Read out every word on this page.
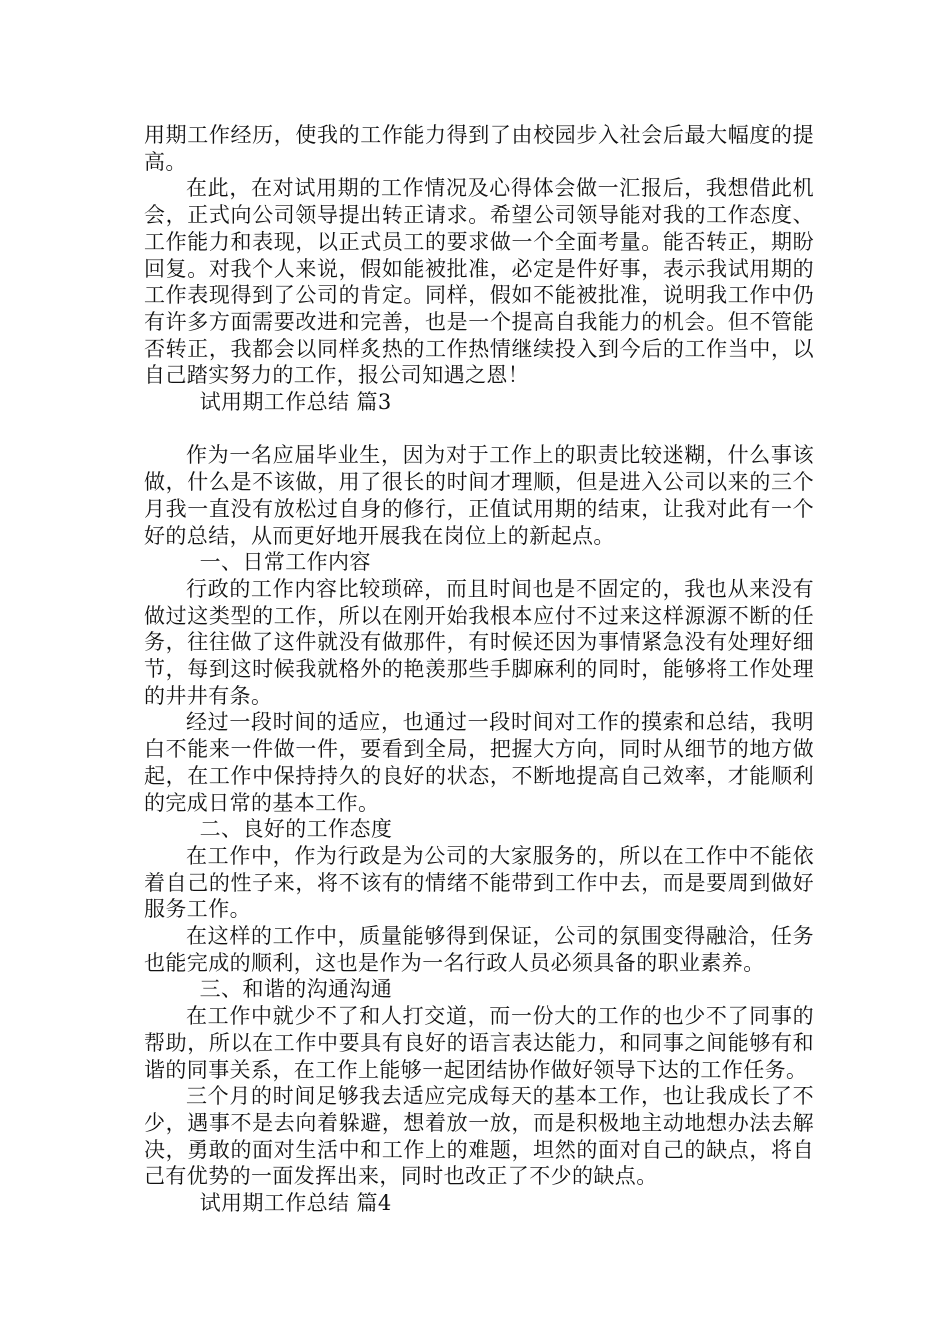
用期工作经历，使我的工作能力得到了由校园步入社会后最大幅度的提高。

在此，在对试用期的工作情况及心得体会做一汇报后，我想借此机会，正式向公司领导提出转正请求。希望公司领导能对我的工作态度、工作能力和表现，以正式员工的要求做一个全面考量。能否转正，期盼回复。对我个人来说，假如能被批准，必定是件好事，表示我试用期的工作表现得到了公司的肯定。同样，假如不能被批准，说明我工作中仍有许多方面需要改进和完善，也是一个提高自我能力的机会。但不管能否转正，我都会以同样炙热的工作热情继续投入到今后的工作当中，以自己踏实努力的工作，报公司知遇之恩！

试用期工作总结 篇3

作为一名应届毕业生，因为对于工作上的职责比较迷糊，什么事该做，什么是不该做，用了很长的时间才理顺，但是进入公司以来的三个月我一直没有放松过自身的修行，正值试用期的结束，让我对此有一个好的总结，从而更好地开展我在岗位上的新起点。

一、日常工作内容

行政的工作内容比较琐碎，而且时间也是不固定的，我也从来没有做过这类型的工作，所以在刚开始我根本应付不过来这样源源不断的任务，往往做了这件就没有做那件，有时候还因为事情紧急没有处理好细节，每到这时候我就格外的艳羡那些手脚麻利的同时，能够将工作处理的井井有条。

经过一段时间的适应，也通过一段时间对工作的摸索和总结，我明白不能来一件做一件，要看到全局，把握大方向，同时从细节的地方做起，在工作中保持持久的良好的状态，不断地提高自己效率，才能顺利的完成日常的基本工作。

二、良好的工作态度

在工作中，作为行政是为公司的大家服务的，所以在工作中不能依着自己的性子来，将不该有的情绪不能带到工作中去，而是要周到做好服务工作。

在这样的工作中，质量能够得到保证，公司的氛围变得融洽，任务也能完成的顺利，这也是作为一名行政人员必须具备的职业素养。

三、和谐的沟通沟通

在工作中就少不了和人打交道，而一份大的工作的也少不了同事的帮助，所以在工作中要具有良好的语言表达能力，和同事之间能够有和谐的同事关系，在工作上能够一起团结协作做好领导下达的工作任务。

三个月的时间足够我去适应完成每天的基本工作，也让我成长了不少，遇事不是去向着躲避，想着放一放，而是积极地主动地想办法去解决，勇敢的面对生活中和工作上的难题，坦然的面对自己的缺点，将自己有优势的一面发挥出来，同时也改正了不少的缺点。

试用期工作总结 篇4
